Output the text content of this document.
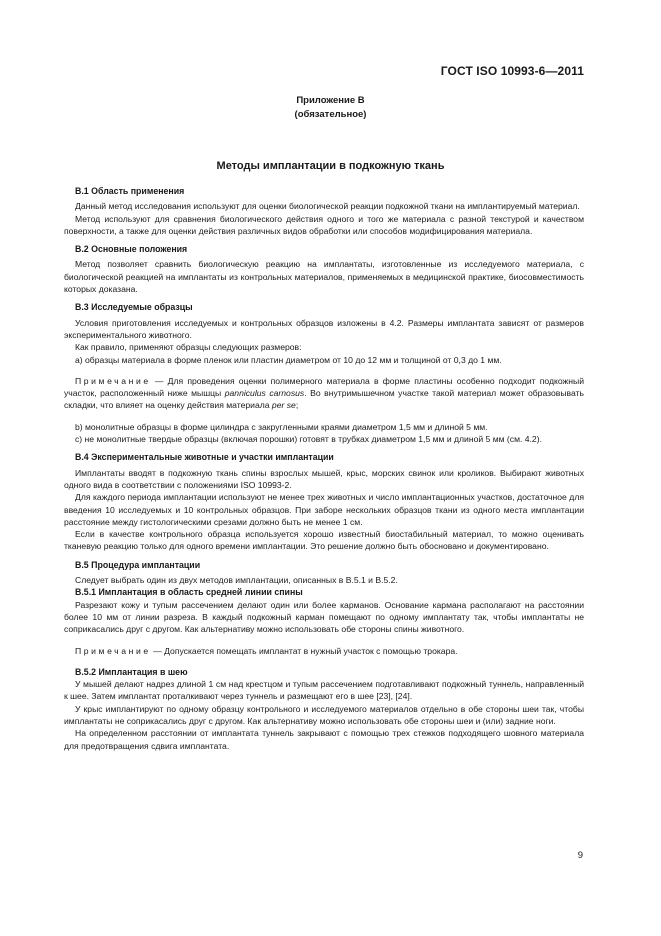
ГОСТ ISO 10993-6—2011
Приложение В
(обязательное)
Методы имплантации в подкожную ткань
В.1 Область применения

Данный метод исследования используют для оценки биологической реакции подкожной ткани на имплантируемый материал.

Метод используют для сравнения биологического действия одного и того же материала с разной текстурой и качеством поверхности, а также для оценки действия различных видов обработки или способов модифицирования материала.

В.2 Основные положения

Метод позволяет сравнить биологическую реакцию на имплантаты, изготовленные из исследуемого материала, с биологической реакцией на имплантаты из контрольных материалов, применяемых в медицинской практике, биосовместимость которых доказана.

В.3 Исследуемые образцы

Условия приготовления исследуемых и контрольных образцов изложены в 4.2. Размеры имплантата зависят от размеров экспериментального животного.

Как правило, применяют образцы следующих размеров:

а) образцы материала в форме пленок или пластин диаметром от 10 до 12 мм и толщиной от 0,3 до 1 мм.

Примечание — Для проведения оценки полимерного материала в форме пластины особенно подходит подкожный участок, расположенный ниже мышцы panniculus carnosus. Во внутримышечном участке такой материал может образовывать складки, что влияет на оценку действия материала per se;

b) монолитные образцы в форме цилиндра с закругленными краями диаметром 1,5 мм и длиной 5 мм.

c) не монолитные твердые образцы (включая порошки) готовят в трубках диаметром 1,5 мм и длиной 5 мм (см. 4.2).

В.4 Экспериментальные животные и участки имплантации

Имплантаты вводят в подкожную ткань спины взрослых мышей, крыс, морских свинок или кроликов. Выбирают животных одного вида в соответствии с положениями ISO 10993-2.

Для каждого периода имплантации используют не менее трех животных и число имплантационных участков, достаточное для введения 10 исследуемых и 10 контрольных образцов. При заборе нескольких образцов ткани из одного места имплантации расстояние между гистологическими срезами должно быть не менее 1 см.

Если в качестве контрольного образца используется хорошо известный биостабильный материал, то можно оценивать тканевую реакцию только для одного времени имплантации. Это решение должно быть обосновано и документировано.

В.5 Процедура имплантации

Следует выбрать один из двух методов имплантации, описанных в В.5.1 и В.5.2.

В.5.1 Имплантация в область средней линии спины

Разрезают кожу и тупым рассечением делают один или более карманов. Основание кармана располагают на расстоянии более 10 мм от линии разреза. В каждый подкожный карман помещают по одному имплантату так, чтобы имплантаты не соприкасались друг с другом. Как альтернативу можно использовать обе стороны спины животного.

Примечание — Допускается помещать имплантат в нужный участок с помощью трокара.

В.5.2 Имплантация в шею

У мышей делают надрез длиной 1 см над крестцом и тупым рассечением подготавливают подкожный туннель, направленный к шее. Затем имплантат проталкивают через туннель и размещают его в шее [23], [24].

У крыс имплантируют по одному образцу контрольного и исследуемого материалов отдельно в обе стороны шеи так, чтобы имплантаты не соприкасались друг с другом. Как альтернативу можно использовать обе стороны шеи и (или) задние ноги.

На определенном расстоянии от имплантата туннель закрывают с помощью трех стежков подходящего шовного материала для предотвращения сдвига имплантата.

9
